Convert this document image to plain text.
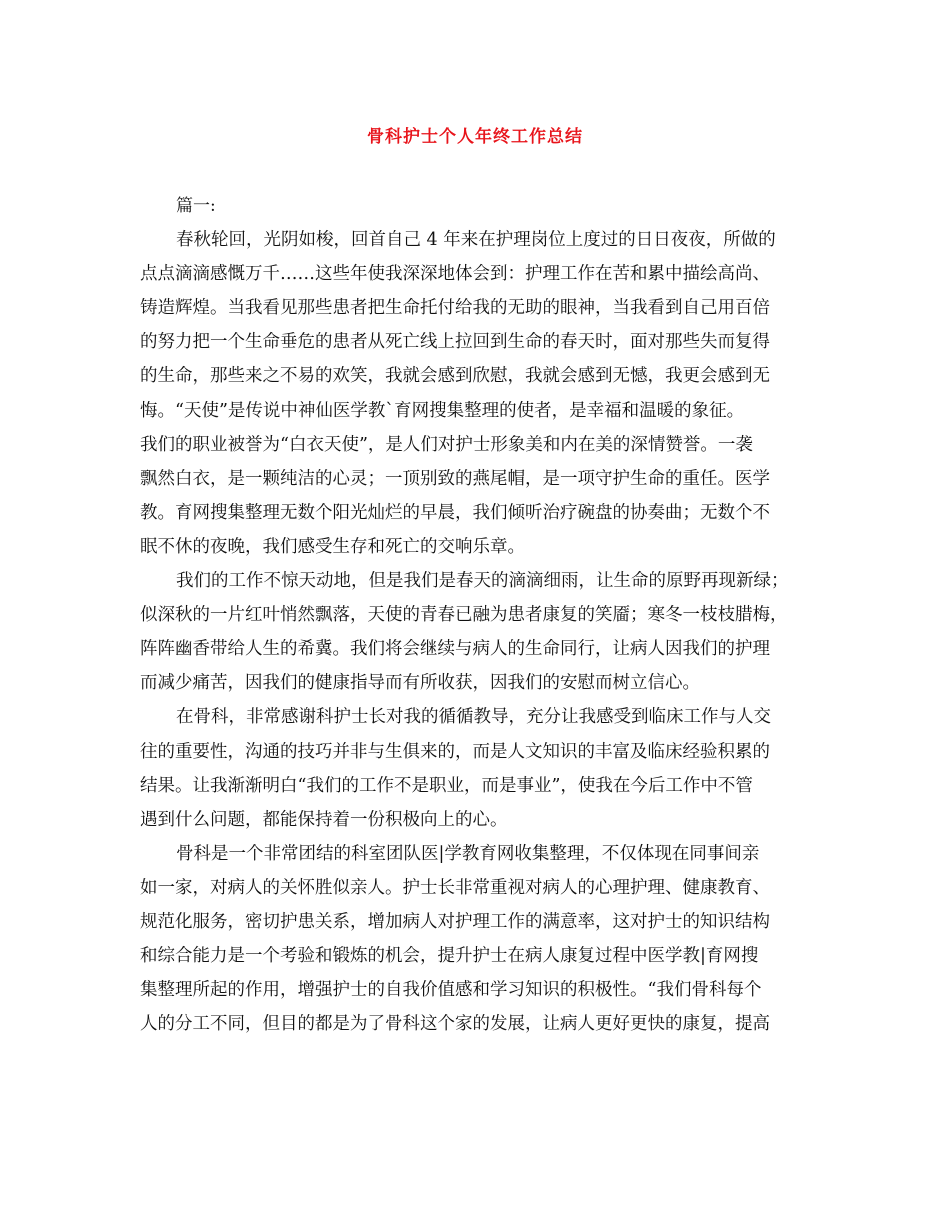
骨科护士个人年终工作总结
篇一:
春秋轮回，光阴如梭，回首自己 4 年来在护理岗位上度过的日日夜夜，所做的
点点滴滴感慨万千……这些年使我深深地体会到：护理工作在苦和累中描绘高尚、
铸造辉煌。当我看见那些患者把生命托付给我的无助的眼神，当我看到自己用百倍
的努力把一个生命垂危的患者从死亡线上拉回到生命的春天时，面对那些失而复得
的生命，那些来之不易的欢笑，我就会感到欣慰，我就会感到无憾，我更会感到无
悔。“天使”是传说中神仙医学教`育网搜集整理的使者，是幸福和温暖的象征。
我们的职业被誉为“白衣天使”，是人们对护士形象美和内在美的深情赞誉。一袭
飘然白衣，是一颗纯洁的心灵；一顶别致的燕尾帽，是一项守护生命的重任。医学
教。育网搜集整理无数个阳光灿烂的早晨，我们倾听治疗碗盘的协奏曲；无数个不
眠不休的夜晚，我们感受生存和死亡的交响乐章。
我们的工作不惊天动地，但是我们是春天的滴滴细雨，让生命的原野再现新绿；
似深秋的一片红叶悄然飘落，天使的青春已融为患者康复的笑靥；寒冬一枝枝腊梅，
阵阵幽香带给人生的希冀。我们将会继续与病人的生命同行，让病人因我们的护理
而减少痛苦，因我们的健康指导而有所收获，因我们的安慰而树立信心。
在骨科，非常感谢科护士长对我的循循教导，充分让我感受到临床工作与人交
往的重要性，沟通的技巧并非与生俱来的，而是人文知识的丰富及临床经验积累的
结果。让我渐渐明白“我们的工作不是职业，而是事业”，使我在今后工作中不管
遇到什么问题，都能保持着一份积极向上的心。
骨科是一个非常团结的科室团队医|学教育网收集整理，不仅体现在同事间亲
如一家，对病人的关怀胜似亲人。护士长非常重视对病人的心理护理、健康教育、
规范化服务，密切护患关系，增加病人对护理工作的满意率，这对护士的知识结构
和综合能力是一个考验和锻炼的机会，提升护士在病人康复过程中医学教|育网搜
集整理所起的作用，增强护士的自我价值感和学习知识的积极性。“我们骨科每个
人的分工不同，但目的都是为了骨科这个家的发展，让病人更好更快的康复，提高
